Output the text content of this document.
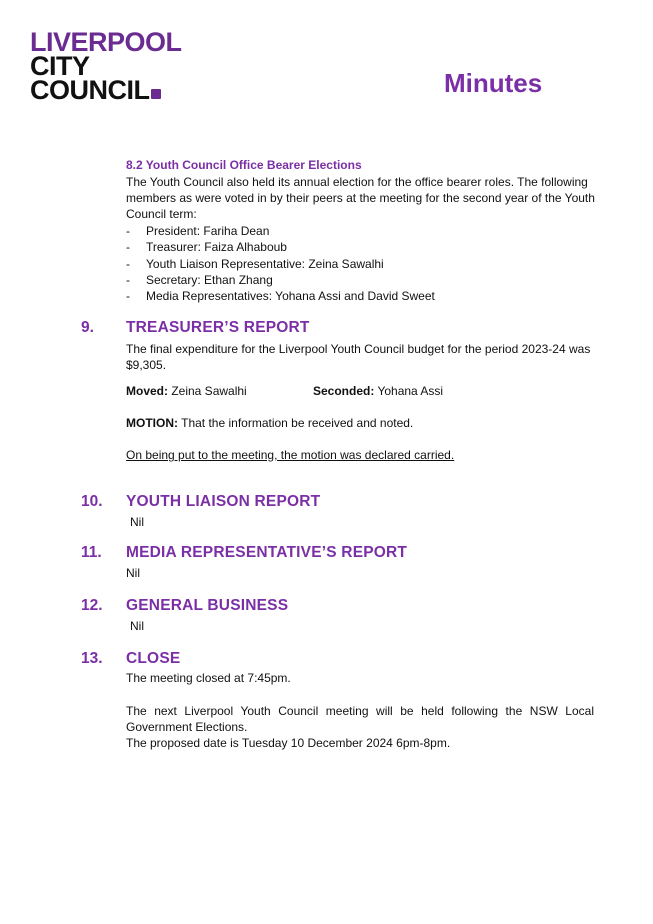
LIVERPOOL
CITY
COUNCIL	Minutes
8.2 Youth Council Office Bearer Elections
The Youth Council also held its annual election for the office bearer roles. The following members as were voted in by their peers at the meeting for the second year of the Youth Council term:
- President: Fariha Dean
- Treasurer: Faiza Alhaboub
- Youth Liaison Representative: Zeina Sawalhi
- Secretary: Ethan Zhang
- Media Representatives: Yohana Assi and David Sweet
9. TREASURER’S REPORT
The final expenditure for the Liverpool Youth Council budget for the period 2023-24 was $9,305.
Moved: Zeina Sawalhi	Seconded: Yohana Assi
MOTION: That the information be received and noted.
On being put to the meeting, the motion was declared carried.
10. YOUTH LIAISON REPORT
Nil
11. MEDIA REPRESENTATIVE’S REPORT
Nil
12. GENERAL BUSINESS
Nil
13. CLOSE
The meeting closed at 7:45pm.
The next Liverpool Youth Council meeting will be held following the NSW Local Government Elections.
The proposed date is Tuesday 10 December 2024 6pm-8pm.
